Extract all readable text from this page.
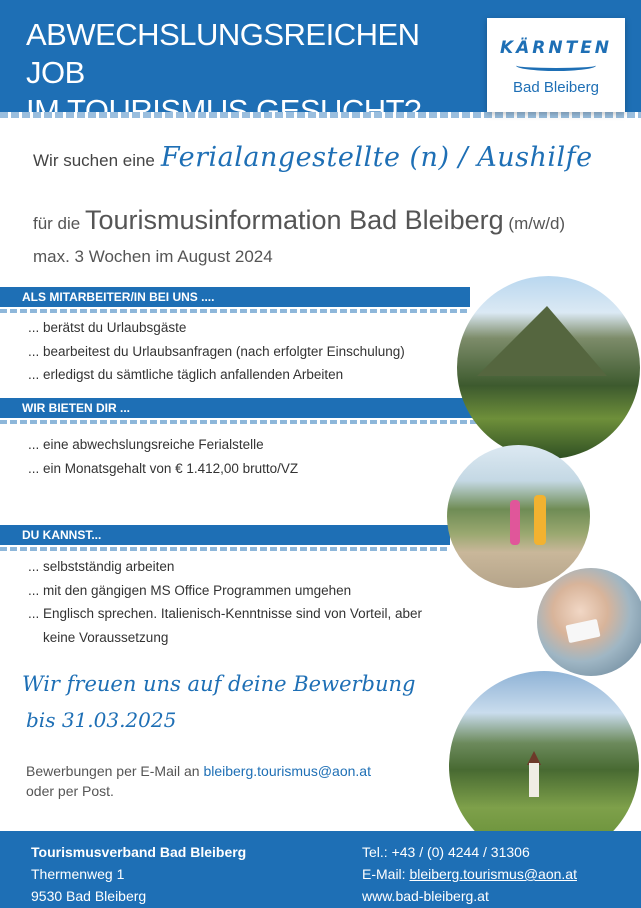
ABWECHSLUNGSREICHEN JOB
IM TOURISMUS GESUCHT?
KÄRNTEN
Bad Bleiberg
Wir suchen eine Ferialangestellte (n) / Aushilfe
für die Tourismusinformation Bad Bleiberg (m/w/d)
max. 3 Wochen im August 2024
ALS MITARBEITER/IN BEI UNS ....
... berätst du Urlaubsgäste
... bearbeitest du Urlaubsanfragen (nach erfolgter Einschulung)
... erledigst du sämtliche täglich anfallenden Arbeiten
WIR BIETEN DIR ...
... eine abwechslungsreiche Ferialstelle
... ein Monatsgehalt von € 1.412,00 brutto/VZ
DU KANNST...
... selbstständig arbeiten
... mit den gängigen MS Office Programmen umgehen
... Englisch sprechen. Italienisch-Kenntnisse sind von Vorteil, aber
keine Voraussetzung
Wir freuen uns auf deine Bewerbung
bis 31.03.2025
Bewerbungen per E-Mail an bleiberg.tourismus@aon.at
oder per Post.
Tourismusverband Bad Bleiberg
Thermenweg 1
9530 Bad Bleiberg
Tel.: +43 / (0) 4244 / 31306
E-Mail: bleiberg.tourismus@aon.at
www.bad-bleiberg.at
